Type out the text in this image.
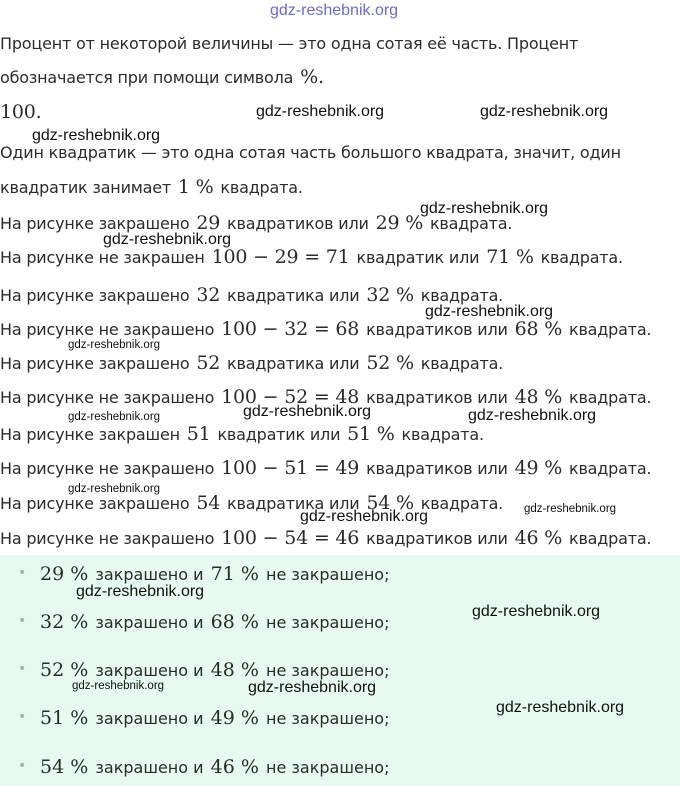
gdz-reshebnik.org
Процент от некоторой величины — это одна сотая её часть. Процент
обозначается при помощи символа %.
100.
Один квадратик — это одна сотая часть большого квадрата, значит, один
квадратик занимает 1 % квадрата.
На рисунке закрашено 29 квадратиков или 29 % квадрата.
На рисунке не закрашен 100 − 29 = 71 квадратик или 71 % квадрата.
На рисунке закрашено 32 квадратика или 32 % квадрата.
На рисунке не закрашено 100 − 32 = 68 квадратиков или 68 % квадрата.
На рисунке закрашено 52 квадратика или 52 % квадрата.
На рисунке не закрашено 100 − 52 = 48 квадратиков или 48 % квадрата.
На рисунке закрашен 51 квадратик или 51 % квадрата.
На рисунке не закрашено 100 − 51 = 49 квадратиков или 49 % квадрата.
На рисунке закрашено 54 квадратика или 54 % квадрата.
На рисунке не закрашено 100 − 54 = 46 квадратиков или 46 % квадрата.
• 29 % закрашено и 71 % не закрашено;
• 32 % закрашено и 68 % не закрашено;
• 52 % закрашено и 48 % не закрашено;
• 51 % закрашено и 49 % не закрашено;
• 54 % закрашено и 46 % не закрашено;
gdz-reshebnik.org	gdz-reshebnik.org
gdz-reshebnik.org
gdz-reshebnik.org
gdz-reshebnik.org
gdz-reshebnik.org
gdz-reshebnik.org
gdz-reshebnik.org
gdz-reshebnik.org	gdz-reshebnik.org
gdz-reshebnik.org
gdz-reshebnik.org	gdz-reshebnik.org
gdz-reshebnik.org
gdz-reshebnik.org
gdz-reshebnik.org	gdz-reshebnik.org
gdz-reshebnik.org
